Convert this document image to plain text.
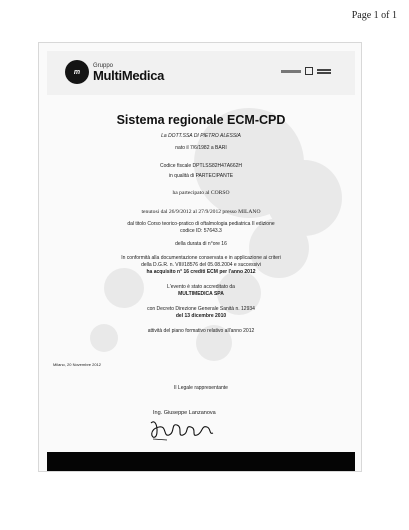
Page 1 of 1
m
Gruppo
MultiMedica
Sistema regionale ECM-CPD
La DOTT.SSA DI PIETRO ALESSIA
nato il 7/6/1982 a BARI
Codice fiscale DPTLSS82H47A662H
in qualità di PARTECIPANTE
ha partecipato al CORSO
tenutosi dal 26/9/2012 al 27/9/2012 presso MILANO
dal titolo Corso teorico-pratico di oftalmologia pediatrica II edizione
codice ID: 57643.3
della durata di n°ore 16
In conformità alla documentazione conservata e in applicazione ai criteri
della D.G.R. n. VIII/18576 del 05.08.2004 e successivi
ha acquisito n° 16 crediti ECM per l'anno 2012
L'evento è stato accreditato da
MULTIMEDICA SPA
con Decreto Direzione Generale Sanità n. 12934
del 13 dicembre 2010
attività del piano formativo relativo all'anno 2012
Milano, 20 Novembre 2012
Il Legale rappresentante
Ing. Giuseppe Lanzanova
